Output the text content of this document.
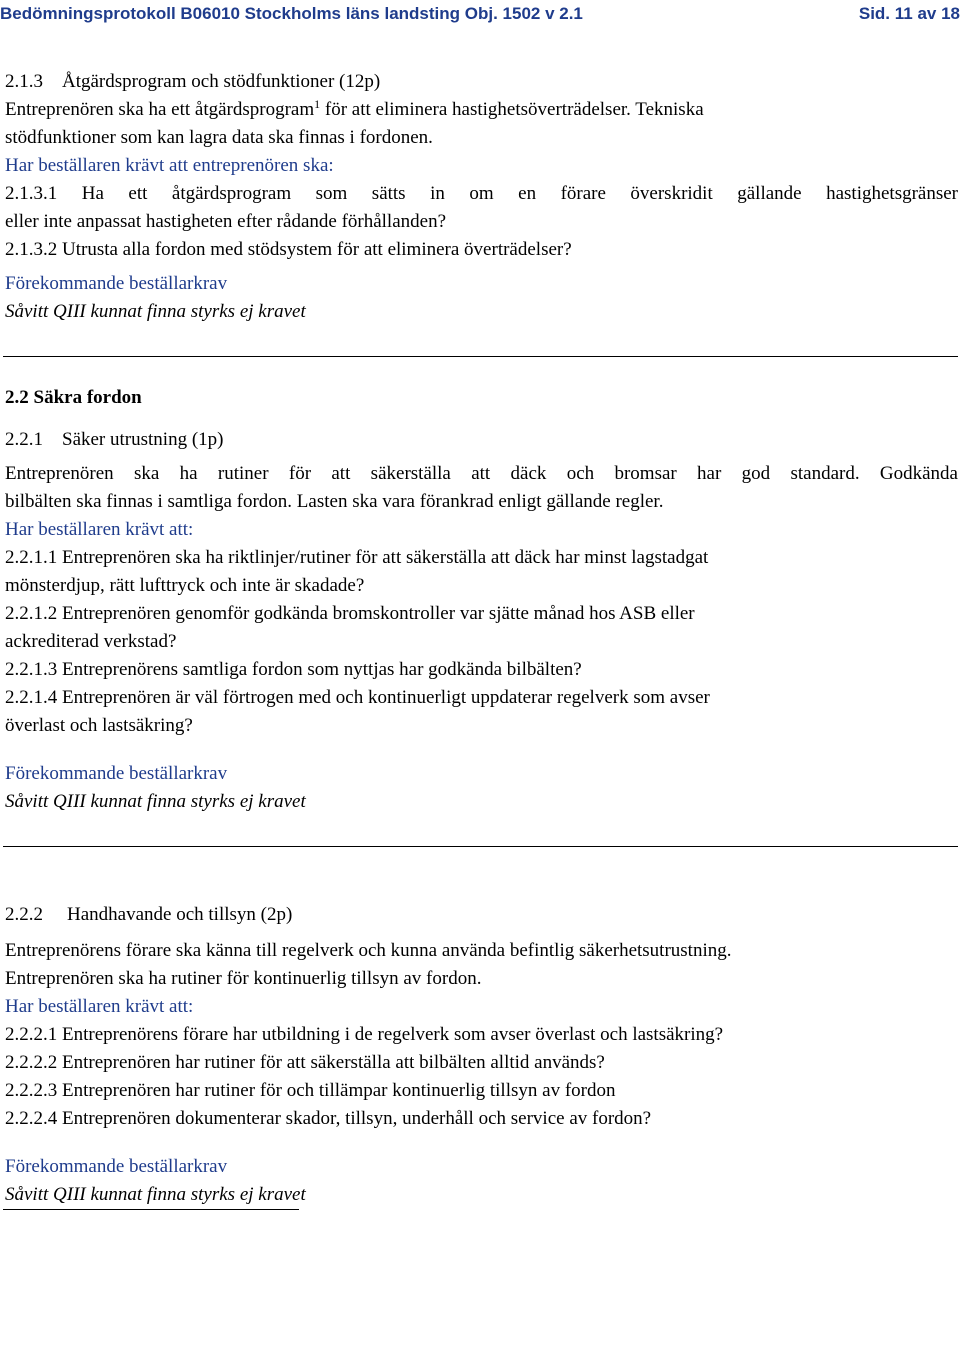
Bedömningsprotokoll B06010 Stockholms läns landsting Obj. 1502 v 2.1	Sid. 11 av 18
2.1.3 Åtgärdsprogram och stödfunktioner (12p)
Entreprenören ska ha ett åtgärdsprogram$^1$ för att eliminera hastighetsöverträdelser. Tekniska
stödfunktioner som kan lagra data ska finnas i fordonen.
Har beställaren krävt att entreprenören ska:
2.1.3.1 Ha ett åtgärdsprogram som sätts in om en förare överskridit gällande hastighetsgränser
eller inte anpassat hastigheten efter rådande förhållanden?
2.1.3.2 Utrusta alla fordon med stödsystem för att eliminera överträdelser?
Förekommande beställarkrav
Såvitt QIII kunnat finna styrks ej kravet
2.2 Säkra fordon
2.2.1 Säker utrustning (1p)
Entreprenören ska ha rutiner för att säkerställa att däck och bromsar har god standard. Godkända
bilbälten ska finnas i samtliga fordon. Lasten ska vara förankrad enligt gällande regler.
Har beställaren krävt att:
2.2.1.1 Entreprenören ska ha riktlinjer/rutiner för att säkerställa att däck har minst lagstadgat
mönsterdjup, rätt lufttryck och inte är skadade?
2.2.1.2 Entreprenören genomför godkända bromskontroller var sjätte månad hos ASB eller
ackrediterad verkstad?
2.2.1.3 Entreprenörens samtliga fordon som nyttjas har godkända bilbälten?
2.2.1.4 Entreprenören är väl förtrogen med och kontinuerligt uppdaterar regelverk som avser
överlast och lastsäkring?
Förekommande beställarkrav
Såvitt QIII kunnat finna styrks ej kravet
2.2.2 Handhavande och tillsyn (2p)
Entreprenörens förare ska känna till regelverk och kunna använda befintlig säkerhetsutrustning.
Entreprenören ska ha rutiner för kontinuerlig tillsyn av fordon.
Har beställaren krävt att:
2.2.2.1 Entreprenörens förare har utbildning i de regelverk som avser överlast och lastsäkring?
2.2.2.2 Entreprenören har rutiner för att säkerställa att bilbälten alltid används?
2.2.2.3 Entreprenören har rutiner för och tillämpar kontinuerlig tillsyn av fordon
2.2.2.4 Entreprenören dokumenterar skador, tillsyn, underhåll och service av fordon?
Förekommande beställarkrav
Såvitt QIII kunnat finna styrks ej kravet
